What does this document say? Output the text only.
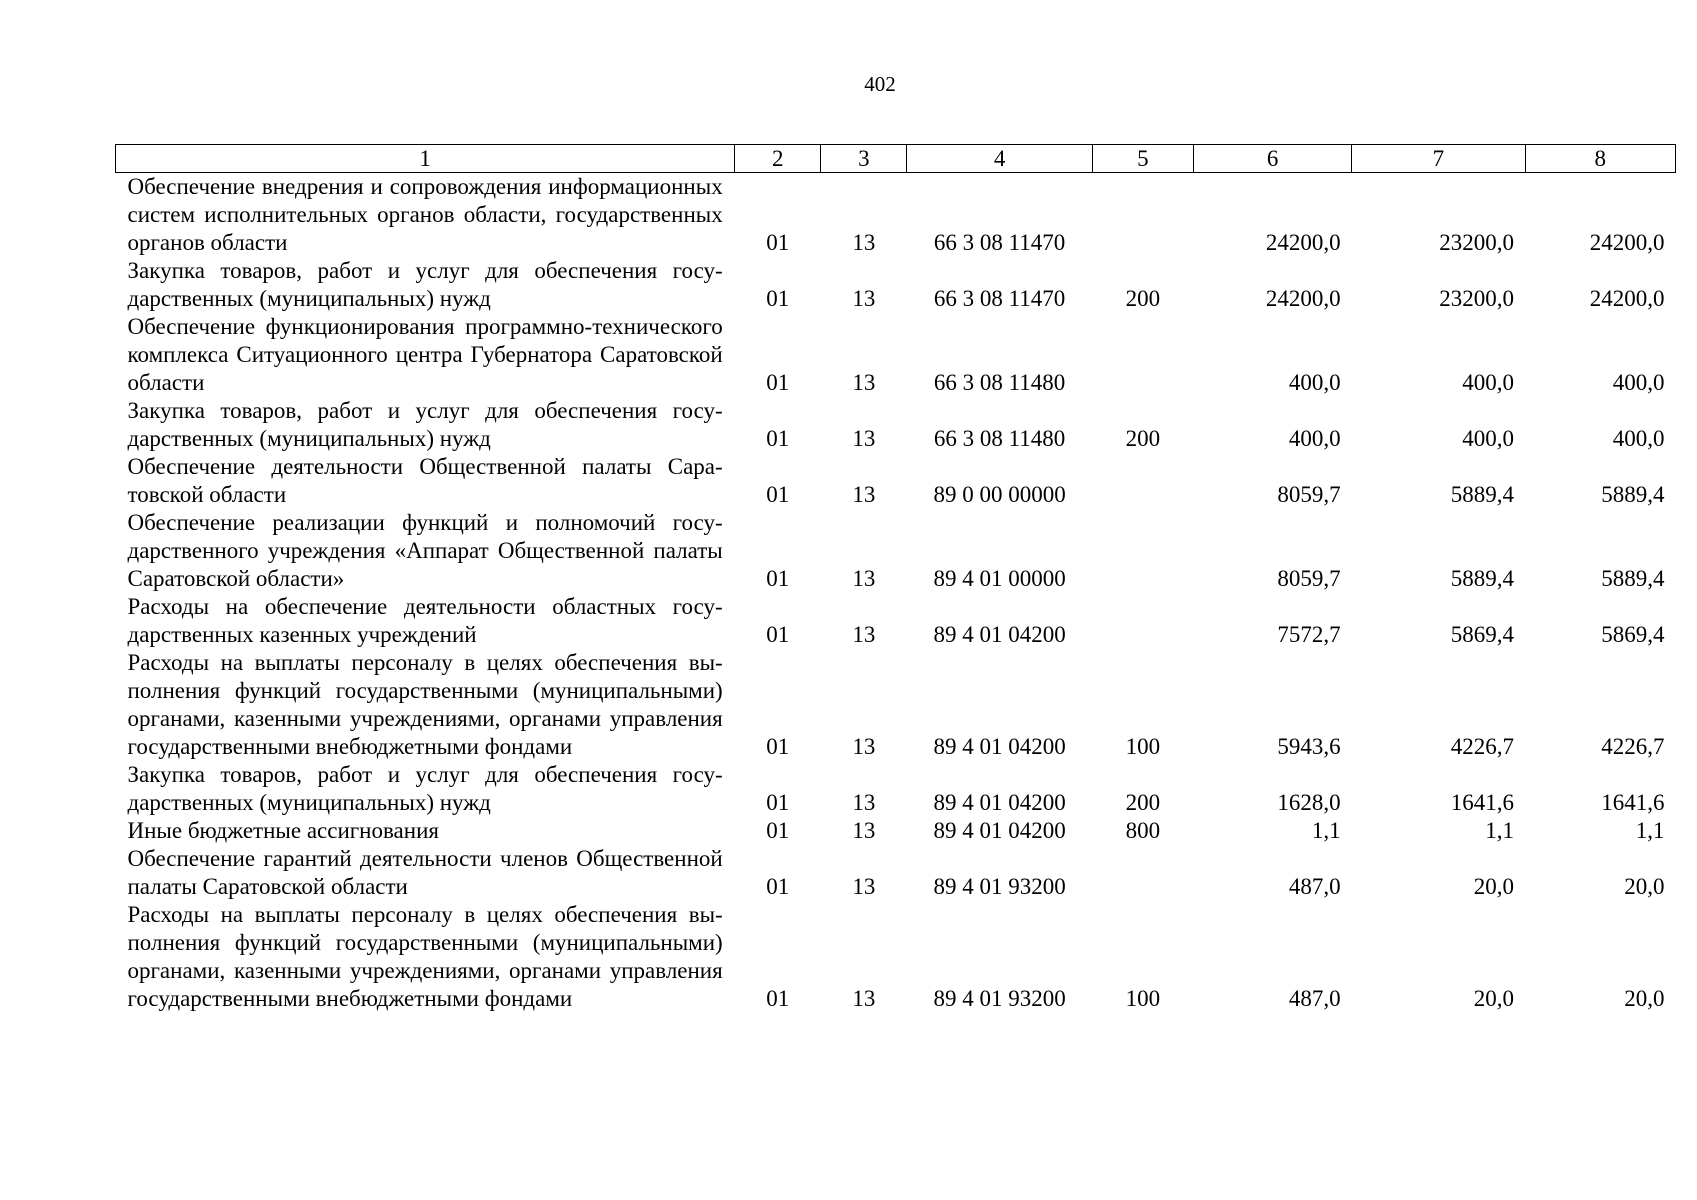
402
1	2	3	4	5	6	7	8
Обеспечение внедрения и сопровождения информационных систем исполнительных органов области, государственных органов области	01	13	66 3 08 11470		24200,0	23200,0	24200,0
Закупка товаров, работ и услуг для обеспечения государственных (муниципальных) нужд	01	13	66 3 08 11470	200	24200,0	23200,0	24200,0
Обеспечение функционирования программно-технического комплекса Ситуационного центра Губернатора Саратовской области	01	13	66 3 08 11480		400,0	400,0	400,0
Закупка товаров, работ и услуг для обеспечения государственных (муниципальных) нужд	01	13	66 3 08 11480	200	400,0	400,0	400,0
Обеспечение деятельности Общественной палаты Саратовской области	01	13	89 0 00 00000		8059,7	5889,4	5889,4
Обеспечение реализации функций и полномочий государственного учреждения «Аппарат Общественной палаты Саратовской области»	01	13	89 4 01 00000		8059,7	5889,4	5889,4
Расходы на обеспечение деятельности областных государственных казенных учреждений	01	13	89 4 01 04200		7572,7	5869,4	5869,4
Расходы на выплаты персоналу в целях обеспечения выполнения функций государственными (муниципальными) органами, казенными учреждениями, органами управления государственными внебюджетными фондами	01	13	89 4 01 04200	100	5943,6	4226,7	4226,7
Закупка товаров, работ и услуг для обеспечения государственных (муниципальных) нужд	01	13	89 4 01 04200	200	1628,0	1641,6	1641,6
Иные бюджетные ассигнования	01	13	89 4 01 04200	800	1,1	1,1	1,1
Обеспечение гарантий деятельности членов Общественной палаты Саратовской области	01	13	89 4 01 93200		487,0	20,0	20,0
Расходы на выплаты персоналу в целях обеспечения выполнения функций государственными (муниципальными) органами, казенными учреждениями, органами управления государственными внебюджетными фондами	01	13	89 4 01 93200	100	487,0	20,0	20,0
